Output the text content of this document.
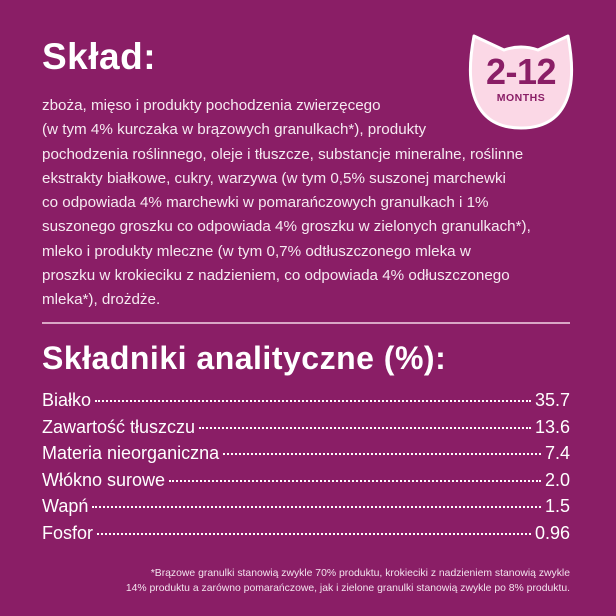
Skład:

zboża, mięso i produkty pochodzenia zwierzęcego
(w tym 4% kurczaka w brązowych granulkach*), produkty
pochodzenia roślinnego, oleje i tłuszcze, substancje mineralne, roślinne
ekstrakty białkowe, cukry, warzywa (w tym 0,5% suszonej marchewki
co odpowiada 4% marchewki w pomarańczowych granulkach i 1%
suszonego groszku co odpowiada 4% groszku w zielonych granulkach*),
mleko i produkty mleczne (w tym 0,7% odtłuszczonego mleka w
proszku w krokieciku z nadzieniem, co odpowiada 4% odłuszczonego
mleka*), drożdże.

Składniki analityczne (%):
Białko	35.7
Zawartość tłuszczu	13.6
Materia nieorganiczna	7.4
Włókno surowe	2.0
Wapń	1.5
Fosfor	0.96

*Brązowe granulki stanowią zwykle 70% produktu, krokieciki z nadzieniem stanowią zwykle
14% produktu a zarówno pomarańczowe, jak i zielone granulki stanowią zwykle po 8% produktu.

2-12
MONTHS
